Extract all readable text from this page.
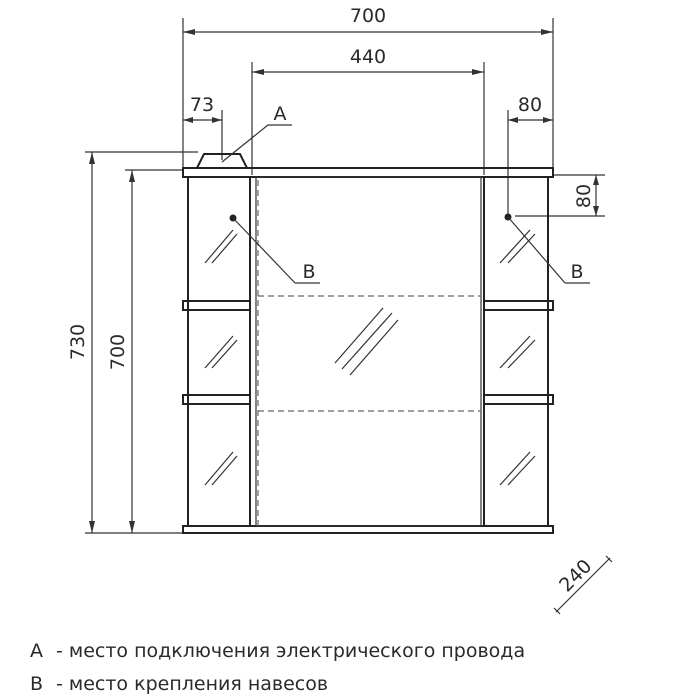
700
440
73	80
80
730 700
A
B	B
240
A - место подключения электрического провода
B - место крепления навесов
